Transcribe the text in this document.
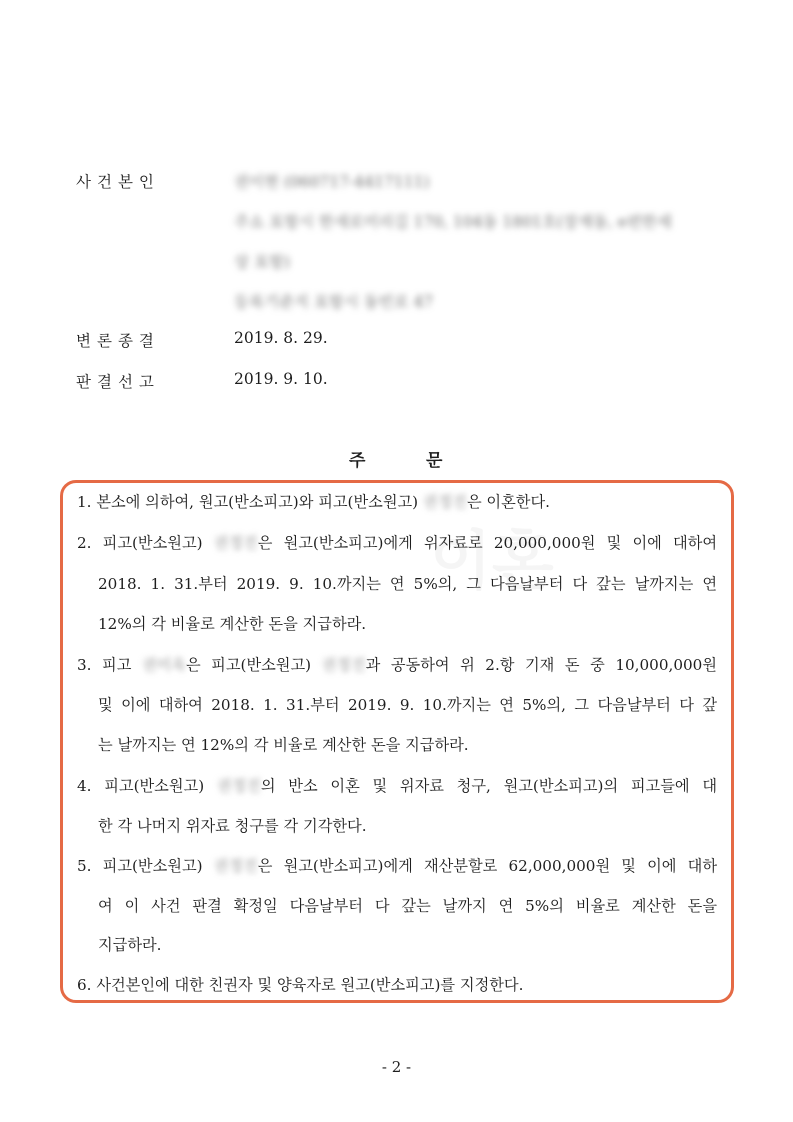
사건본인	권이현 (060717-4417111)
주소 포항시 한새로미리길 170, 104동 1801호(장재동, e편한세
상 포항)
등록기준지 포항시 동빈로 47
변론종결	2019. 8. 29.
판결선고	2019. 9. 10.
주	문
1. 본소에 의하여, 원고(반소피고)와 피고(반소원고) 권정진은 이혼한다.
2. 피고(반소원고) 권정진은 원고(반소피고)에게 위자료로 20,000,000원 및 이에 대하여
2018. 1. 31.부터 2019. 9. 10.까지는 연 5%의, 그 다음날부터 다 갚는 날까지는 연
12%의 각 비율로 계산한 돈을 지급하라.
3. 피고 권미옥은 피고(반소원고) 권정진과 공동하여 위 2.항 기재 돈 중 10,000,000원
및 이에 대하여 2018. 1. 31.부터 2019. 9. 10.까지는 연 5%의, 그 다음날부터 다 갚
는 날까지는 연 12%의 각 비율로 계산한 돈을 지급하라.
4. 피고(반소원고) 권정진의 반소 이혼 및 위자료 청구, 원고(반소피고)의 피고들에 대
한 각 나머지 위자료 청구를 각 기각한다.
5. 피고(반소원고) 권정진은 원고(반소피고)에게 재산분할로 62,000,000원 및 이에 대하
여 이 사건 판결 확정일 다음날부터 다 갚는 날까지 연 5%의 비율로 계산한 돈을
지급하라.
6. 사건본인에 대한 친권자 및 양육자로 원고(반소피고)를 지정한다.
- 2 -
